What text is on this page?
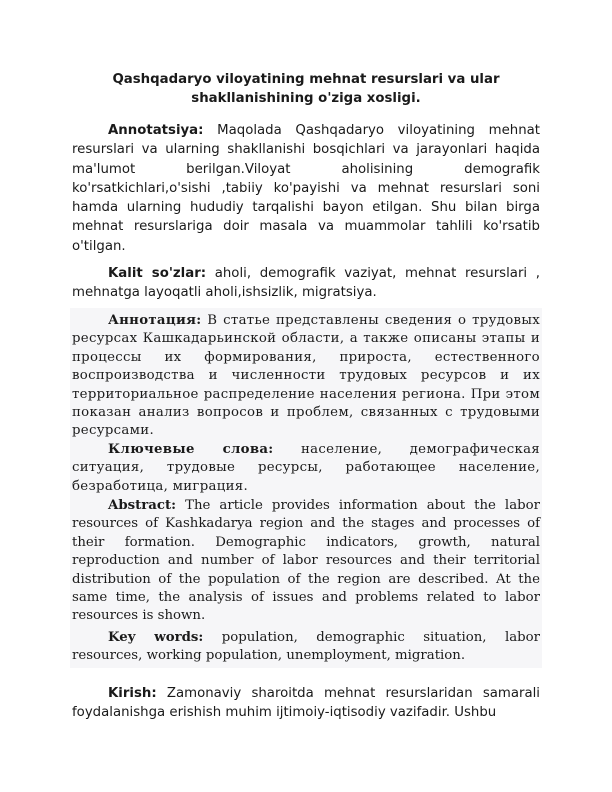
Qashqadaryo viloyatining mehnat resurslari va ular shakllanishining o'ziga xosligi.

Annotatsiya: Maqolada Qashqadaryo viloyatining mehnat resurslari va ularning shakllanishi bosqichlari va jarayonlari haqida ma'lumot berilgan.Viloyat aholisining demografik ko'rsatkichlari,o'sishi ,tabiiy ko'payishi va mehnat resurslari soni hamda ularning hududiy tarqalishi bayon etilgan. Shu bilan birga mehnat resurslariga doir masala va muammolar tahlili ko'rsatib o'tilgan.

Kalit so'zlar: aholi, demografik vaziyat, mehnat resurslari , mehnatga layoqatli aholi,ishsizlik, migratsiya.

Аннотация: В статье представлены сведения о трудовых ресурсах Кашкадарьинской области, а также описаны этапы и процессы их формирования, прироста, естественного воспроизводства и численности трудовых ресурсов и их территориальное распределение населения региона. При этом показан анализ вопросов и проблем, связанных с трудовыми ресурсами.

Ключевые слова: население, демографическая ситуация, трудовые ресурсы, работающее население, безработица, миграция.

Abstract: The article provides information about the labor resources of Kashkadarya region and the stages and processes of their formation. Demographic indicators, growth, natural reproduction and number of labor resources and their territorial distribution of the population of the region are described. At the same time, the analysis of issues and problems related to labor resources is shown.

Key words: population, demographic situation, labor resources, working population, unemployment, migration.

Kirish: Zamonaviy sharoitda mehnat resurslaridan samarali foydalanishga erishish muhim ijtimoiy-iqtisodiy vazifadir. Ushbu
